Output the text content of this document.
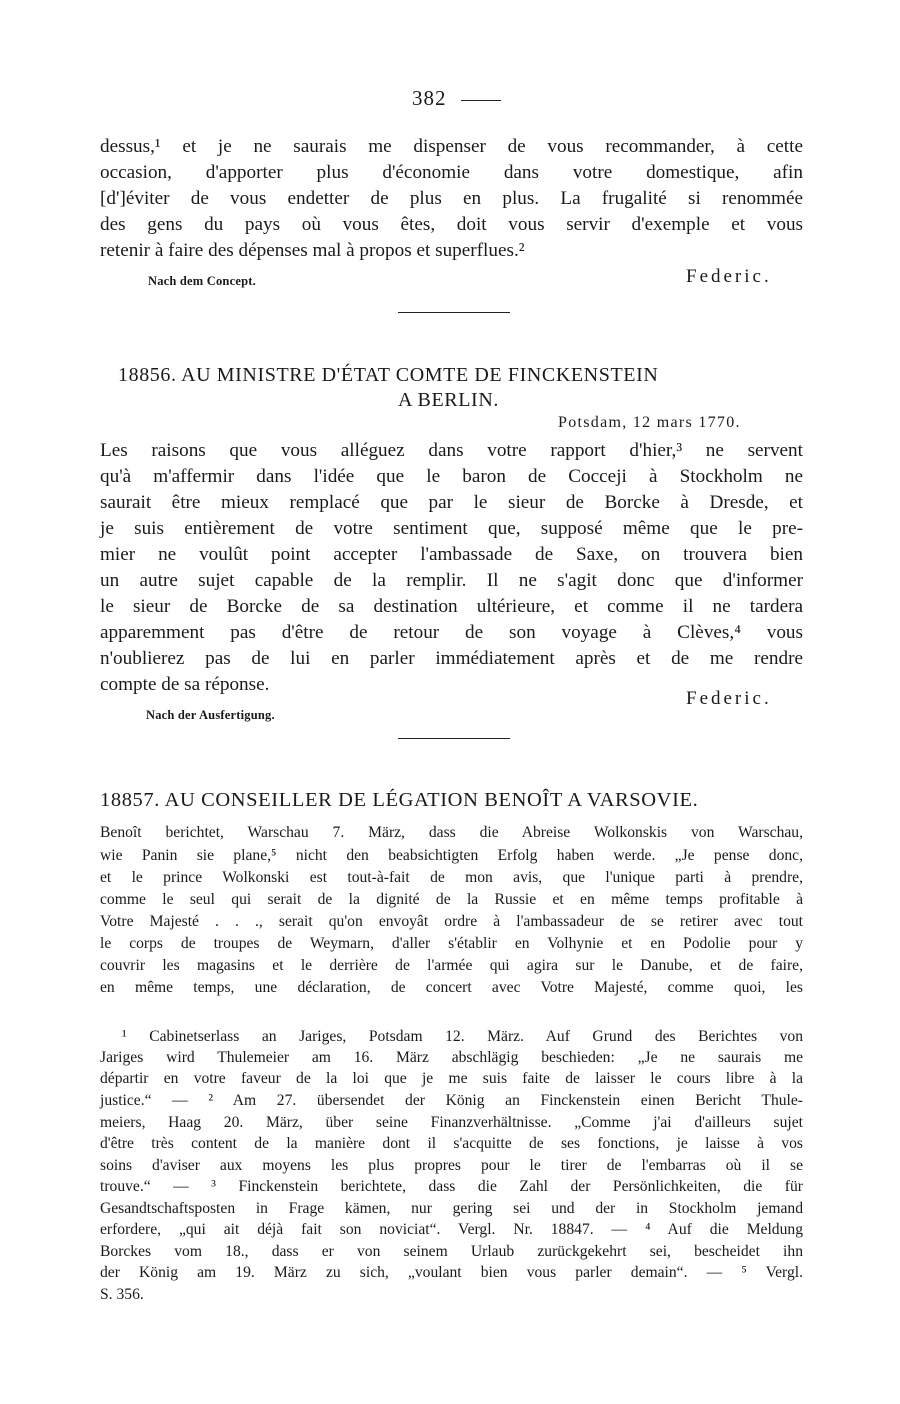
382
dessus,¹ et je ne saurais me dispenser de vous recommander, à cette
occasion, d'apporter plus d'économie dans votre domestique, afin
[d']éviter de vous endetter de plus en plus. La frugalité si renommée
des gens du pays où vous êtes, doit vous servir d'exemple et vous
retenir à faire des dépenses mal à propos et superflues.²
Nach dem Concept.	Federic.
18856. AU MINISTRE D'ÉTAT COMTE DE FINCKENSTEIN
A BERLIN.
Potsdam, 12 mars 1770.
Les raisons que vous alléguez dans votre rapport d'hier,³ ne servent
qu'à m'affermir dans l'idée que le baron de Cocceji à Stockholm ne
saurait être mieux remplacé que par le sieur de Borcke à Dresde, et
je suis entièrement de votre sentiment que, supposé même que le pre-
mier ne voulût point accepter l'ambassade de Saxe, on trouvera bien
un autre sujet capable de la remplir. Il ne s'agit donc que d'informer
le sieur de Borcke de sa destination ultérieure, et comme il ne tardera
apparemment pas d'être de retour de son voyage à Clèves,⁴ vous
n'oublierez pas de lui en parler immédiatement après et de me rendre
compte de sa réponse.
Federic.
Nach der Ausfertigung.
18857. AU CONSEILLER DE LÉGATION BENOÎT A VARSOVIE.
Benoît berichtet, Warschau 7. März, dass die Abreise Wolkonskis von Warschau,
wie Panin sie plane,⁵ nicht den beabsichtigten Erfolg haben werde. „Je pense donc,
et le prince Wolkonski est tout-à-fait de mon avis, que l'unique parti à prendre,
comme le seul qui serait de la dignité de la Russie et en même temps profitable à
Votre Majesté . . ., serait qu'on envoyât ordre à l'ambassadeur de se retirer avec tout
le corps de troupes de Weymarn, d'aller s'établir en Volhynie et en Podolie pour y
couvrir les magasins et le derrière de l'armée qui agira sur le Danube, et de faire,
en même temps, une déclaration, de concert avec Votre Majesté, comme quoi, les
¹ Cabinetserlass an Jariges, Potsdam 12. März. Auf Grund des Berichtes von
Jariges wird Thulemeier am 16. März abschlägig beschieden: „Je ne saurais me
départir en votre faveur de la loi que je me suis faite de laisser le cours libre à la
justice.“ — ² Am 27. übersendet der König an Finckenstein einen Bericht Thule-
meiers, Haag 20. März, über seine Finanzverhältnisse. „Comme j'ai d'ailleurs sujet
d'être très content de la manière dont il s'acquitte de ses fonctions, je laisse à vos
soins d'aviser aux moyens les plus propres pour le tirer de l'embarras où il se
trouve.“ — ³ Finckenstein berichtete, dass die Zahl der Persönlichkeiten, die für
Gesandtschaftsposten in Frage kämen, nur gering sei und der in Stockholm jemand
erfordere, „qui ait déjà fait son noviciat“. Vergl. Nr. 18847. — ⁴ Auf die Meldung
Borckes vom 18., dass er von seinem Urlaub zurückgekehrt sei, bescheidet ihn
der König am 19. März zu sich, „voulant bien vous parler demain“. — ⁵ Vergl.
S. 356.
